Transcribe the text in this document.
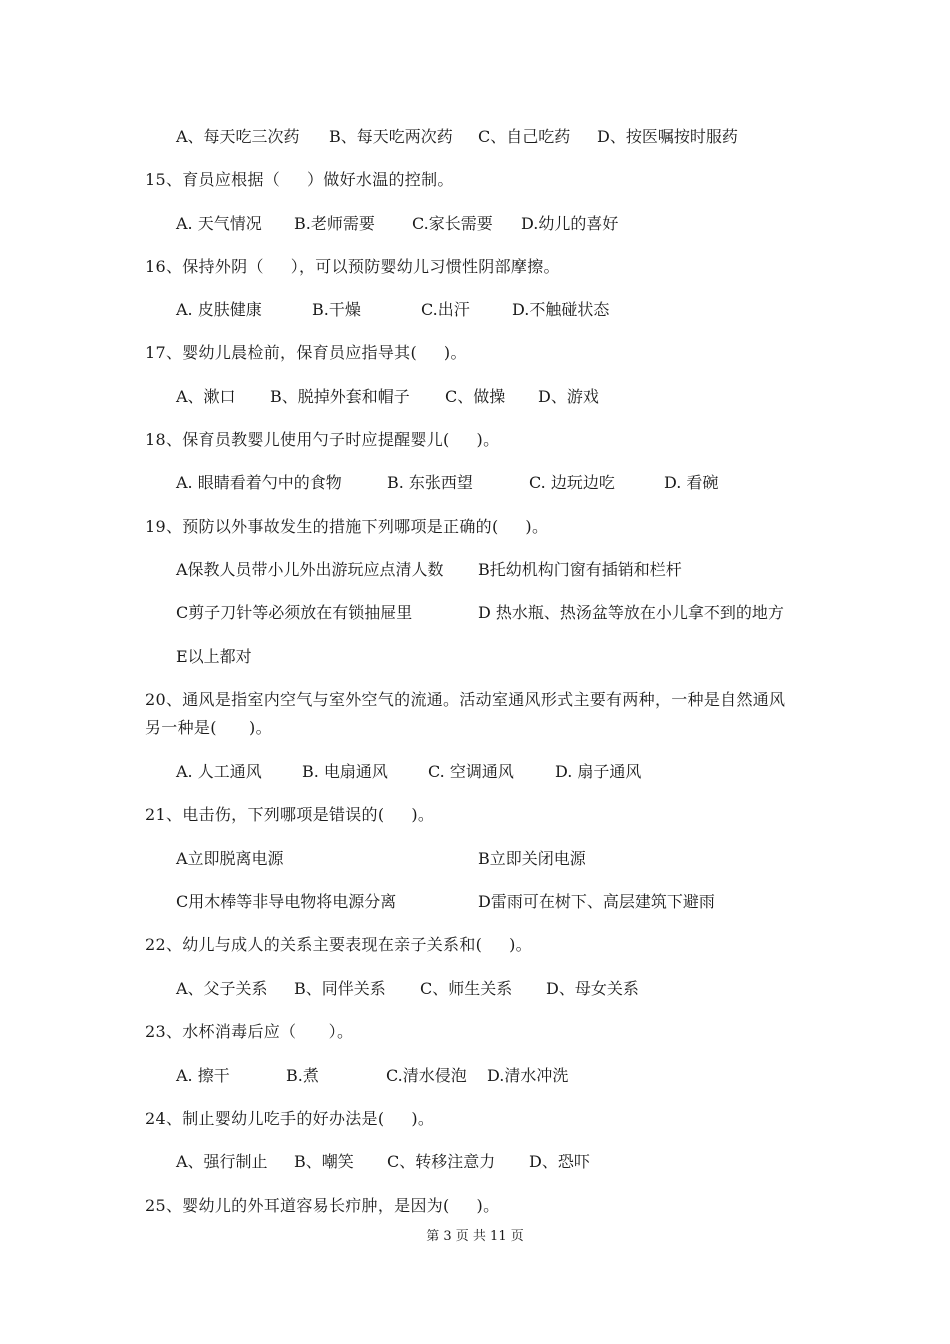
A、每天吃三次药 B、每天吃两次药 C、自己吃药 D、按医嘱按时服药
15、育员应根据（     ）做好水温的控制。
A. 天气情况 B.老师需要 C.家长需要 D.幼儿的喜好
16、保持外阴（     ），可以预防婴幼儿习惯性阴部摩擦。
A. 皮肤健康	B.干燥	C.出汗	D.不触碰状态
17、婴幼儿晨检前，保育员应指导其(     )。
A、漱口 B、脱掉外套和帽子 C、做操 D、游戏
18、保育员教婴儿使用勺子时应提醒婴儿(     )。
A. 眼睛看着勺中的食物	B. 东张西望	C. 边玩边吃	D. 看碗
19、预防以外事故发生的措施下列哪项是正确的(     )。
A保教人员带小儿外出游玩应点清人数 B托幼机构门窗有插销和栏杆
C剪子刀针等必须放在有锁抽屉里	D 热水瓶、热汤盆等放在小儿拿不到的地方
E以上都对
20、通风是指室内空气与室外空气的流通。活动室通风形式主要有两种，一种是自然通风
另一种是(      )。
A. 人工通风	B. 电扇通风	C. 空调通风	D. 扇子通风
21、电击伤，下列哪项是错误的(     )。
A立即脱离电源	B立即关闭电源
C用木棒等非导电物将电源分离	D雷雨可在树下、高层建筑下避雨
22、幼儿与成人的关系主要表现在亲子关系和(     )。
A、父子关系 B、同伴关系 C、师生关系 D、母女关系
23、水杯消毒后应（      ）。
A. 擦干	B.煮	C.清水侵泡 D.清水冲洗
24、制止婴幼儿吃手的好办法是(     )。
A、强行制止 B、嘲笑 C、转移注意力 D、恐吓
25、婴幼儿的外耳道容易长疖肿，是因为(     )。
第 3 页 共 11 页
